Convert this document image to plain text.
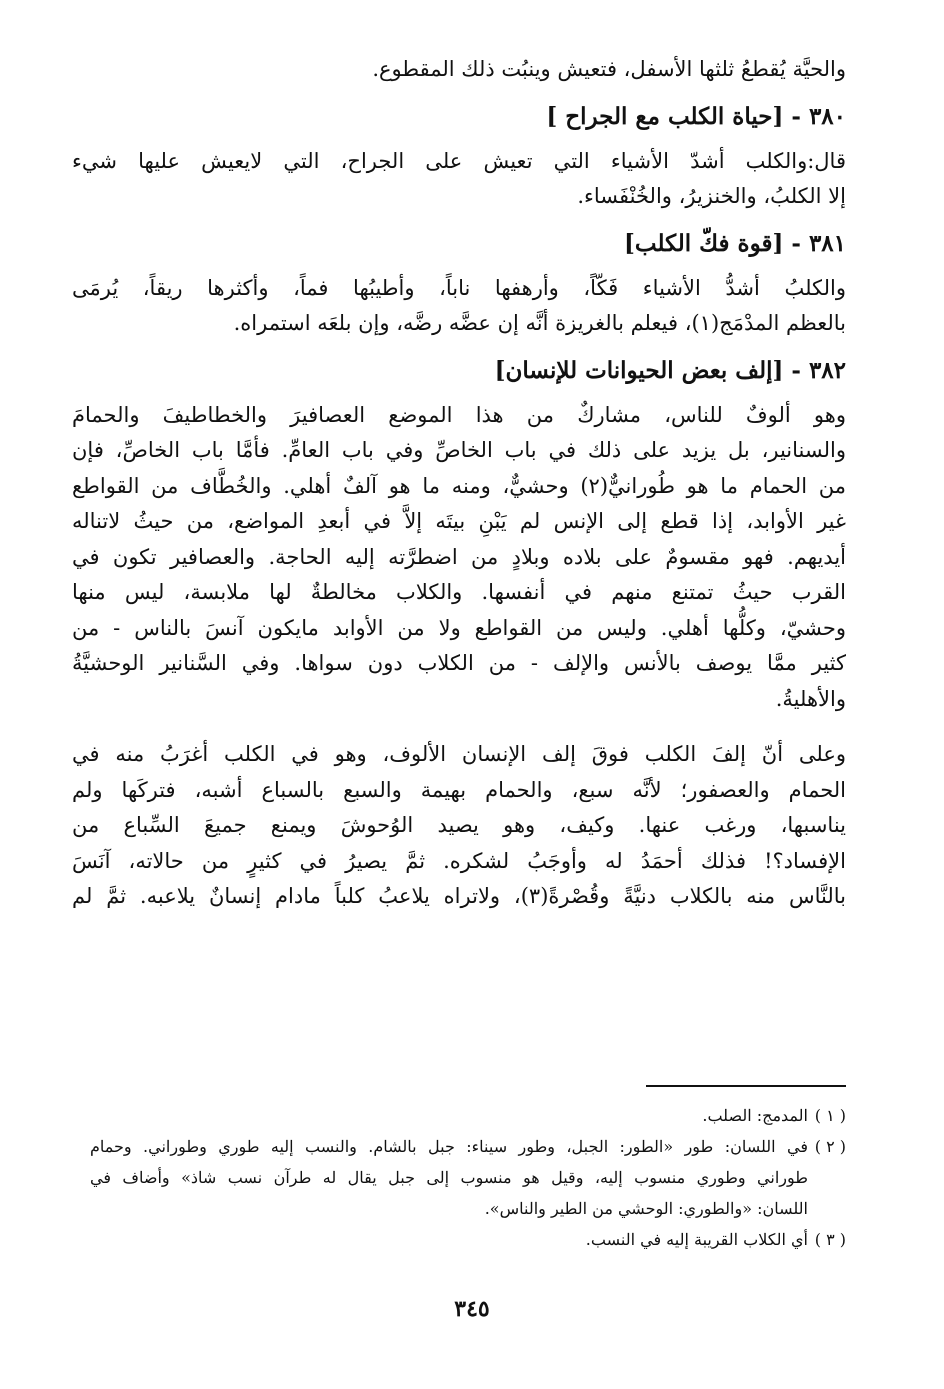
والحيَّة يُقطعُ ثلثها الأسفل، فتعيش وينبُت ذلك المقطوع.

٣٨٠ - [حياة الكلب مع الجراح ]

قال:والكلب أشدّ الأشياء التي تعيش على الجراح، التي لايعيش عليها شيء
إلا الكلبُ، والخنزيرُ، والخُنْفَساء.

٣٨١ - [قوة فكّ الكلب]

والكلبُ أشدُّ الأشياء فَكّاً، وأرهفها ناباً، وأطيبُها فماً، وأكثرها ريقاً، يُرمَى
بالعظم المدْمَج(١)، فيعلم بالغريزة أنَّه إن عضَّه رضَّه، وإن بلعَه استمراه.

٣٨٢ - [إلف بعض الحيوانات للإنسان]

وهو ألوفٌ للناس، مشاركٌ من هذا الموضع العصافيرَ والخطاطيفَ والحمامَ
والسنانير، بل يزيد على ذلك في باب الخاصِّ وفي باب العامِّ. فأمَّا باب الخاصِّ، فإن
من الحمام ما هو طُورانيٌّ(٢) وحشيٌّ، ومنه ما هو آلفٌ أهلي. والخُطَّاف من القواطع
غير الأوابد، إذا قطع إلى الإنس لم يَبْنِ بيتَه إلاَّ في أبعدِ المواضع، من حيثُ لاتناله
أيديهم. فهو مقسومٌ على بلاده وبلادٍ من اضطرَّته إليه الحاجة. والعصافير تكون في
القرب حيثُ تمتنع منهم في أنفسها. والكلاب مخالطةٌ لها ملابسة، ليس منها
وحشيّ، وكلُّها أهلي. وليس من القواطع ولا من الأوابد مايكون آنسَ بالناس - من
كثير ممَّا يوصف بالأنس والإلف - من الكلاب دون سواها. وفي السَّنانير الوحشيَّةُ
والأهليةُ.

وعلى أنّ إلفَ الكلب فوقَ إلف الإنسان الألوف، وهو في الكلب أغرَبُ منه في
الحمام والعصفور؛ لأنَّه سبع، والحمام بهيمة والسبع بالسباع أشبه، فتركَها ولم
يناسبها، ورغب عنها. وكيف، وهو يصيد الوُحوشَ ويمنع جميعَ السِّباع من
الإفساد؟! فذلك أحمَدُ له وأوجَبُ لشكره. ثمَّ يصيرُ في كثيرٍ من حالاته، آنَسَ
بالنَّاس منه بالكلاب دنيَّةً وقُصْرةً(٣)، ولاتراه يلاعبُ كلباً مادام إنسانٌ يلاعبه. ثمَّ لم

( ١ )
المدمج: الصلب.
( ٢ )
في اللسان: طور «الطور: الجبل، وطور سيناء: جبل بالشام. والنسب إليه طوري وطوراني. وحمام
طوراني وطوري منسوب إليه، وقيل هو منسوب إلى جبل يقال له طرآن نسب شاذ» وأضاف في
اللسان: «والطوري: الوحشي من الطير والناس».
( ٣ )
أي الكلاب القريبة إليه في النسب.
٣٤٥
